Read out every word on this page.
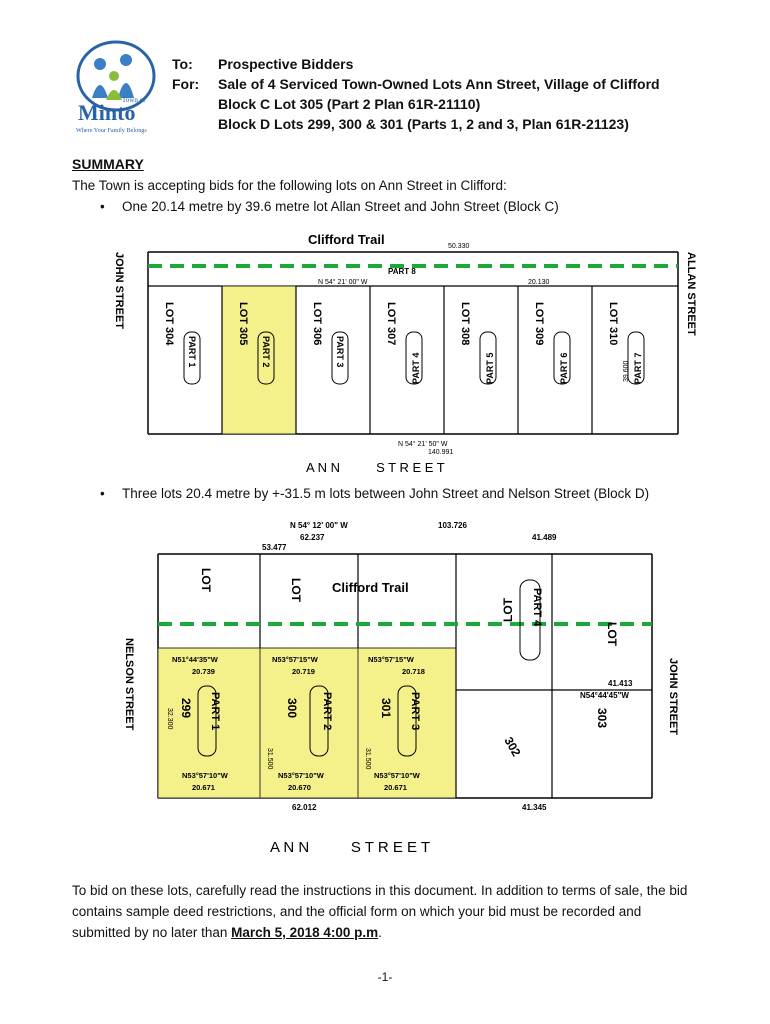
Town of
Minto
Where Your Family Belongs
To:	Prospective Bidders
For:	Sale of 4 Serviced Town-Owned Lots Ann Street, Village of Clifford
Block C Lot 305 (Part 2 Plan 61R-21110)
Block D Lots 299, 300 & 301 (Parts 1, 2 and 3, Plan 61R-21123)
SUMMARY
The Town is accepting bids for the following lots on Ann Street in Clifford:
•	One 20.14 metre by 39.6 metre lot Allan Street and John Street (Block C)
Clifford Trail	50.330
N 54° 21' 00" W	20.130
PART 8
39.600
N 54° 21' 50" W
140.991
LOT 304	LOT 305	LOT 306	LOT 307	LOT 308	LOT 309	LOT 310
PART 1	PART 2	PART 3
PART 4	PART 5	PART 6	PART 7
JOHN STREET	ALLAN STREET
A N N          S T R E E T
•	Three lots 20.4 metre by +-31.5 m lots between John Street and Nelson Street (Block D)
Clifford Trail
N 54° 12' 00" W	103.726
62.237
53.477
41.489
LOT	LOT
LOT
LOT
PART 4
N54°44'45"W
41.413
303
302
N51°44'35"W
20.739
PART 1
299
N53°57'10"W
20.671
N53°57'15"W
20.719
PART 2
300
N53°57'10"W
20.670
N53°57'15"W
20.718
PART 3
301
N53°57'10"W
20.671
32.300
31.500	31.500
62.012	41.345
NELSON STREET	JOHN STREET
A N N          S T R E E T
To bid on these lots, carefully read the instructions in this document. In addition to terms of sale, the bid contains sample deed restrictions, and the official form on which your bid must be recorded and submitted by no later than March 5, 2018 4:00 p.m.
-1-
